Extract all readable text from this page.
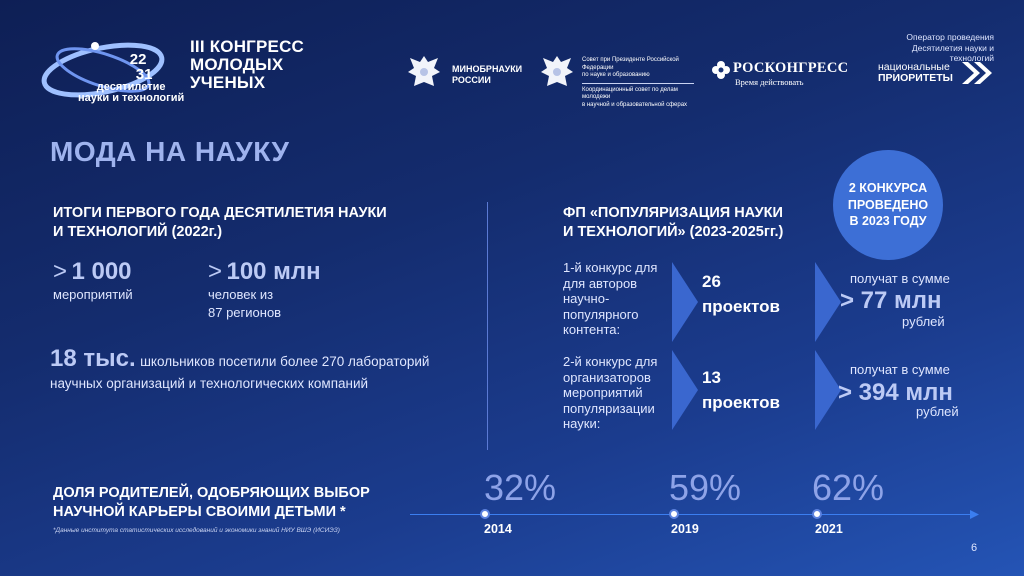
22
31
десятилетие
науки и технологий
III КОНГРЕСС
МОЛОДЫХ
УЧЕНЫХ
МИНОБРНАУКИ
РОССИИ
Совет при Президенте Российской Федерации
по науке и образованию
Координационный совет по делам молодежи
в научной и образовательной сферах
РОСКОНГРЕСС
Время действовать
Оператор проведения
Десятилетия науки и технологий
национальные
ПРИОРИТЕТЫ
МОДА НА НАУКУ
ИТОГИ ПЕРВОГО ГОДА ДЕСЯТИЛЕТИЯ НАУКИ
И ТЕХНОЛОГИЙ (2022г.)
> 1 000
мероприятий
> 100 млн
человек из
87 регионов
18 тыс. школьников посетили более 270 лабораторий
научных организаций и технологических компаний
ФП «ПОПУЛЯРИЗАЦИЯ НАУКИ
И ТЕХНОЛОГИЙ» (2023-2025гг.)
2 КОНКУРСА
ПРОВЕДЕНО
В 2023 ГОДУ
1-й конкурс для
для авторов
научно-
популярного
контента:
26
проектов
получат в сумме
> 77 млн
рублей
2-й конкурс для
организаторов
мероприятий
популяризации
науки:
13
проектов
получат в сумме
> 394 млн
рублей
ДОЛЯ РОДИТЕЛЕЙ, ОДОБРЯЮЩИХ ВЫБОР
НАУЧНОЙ КАРЬЕРЫ СВОИМИ ДЕТЬМИ *
*Данные института статистических исследований и экономики знаний НИУ ВШЭ (ИСИЭЗ)
32%
2014
59%
2019
62%
2021
6
